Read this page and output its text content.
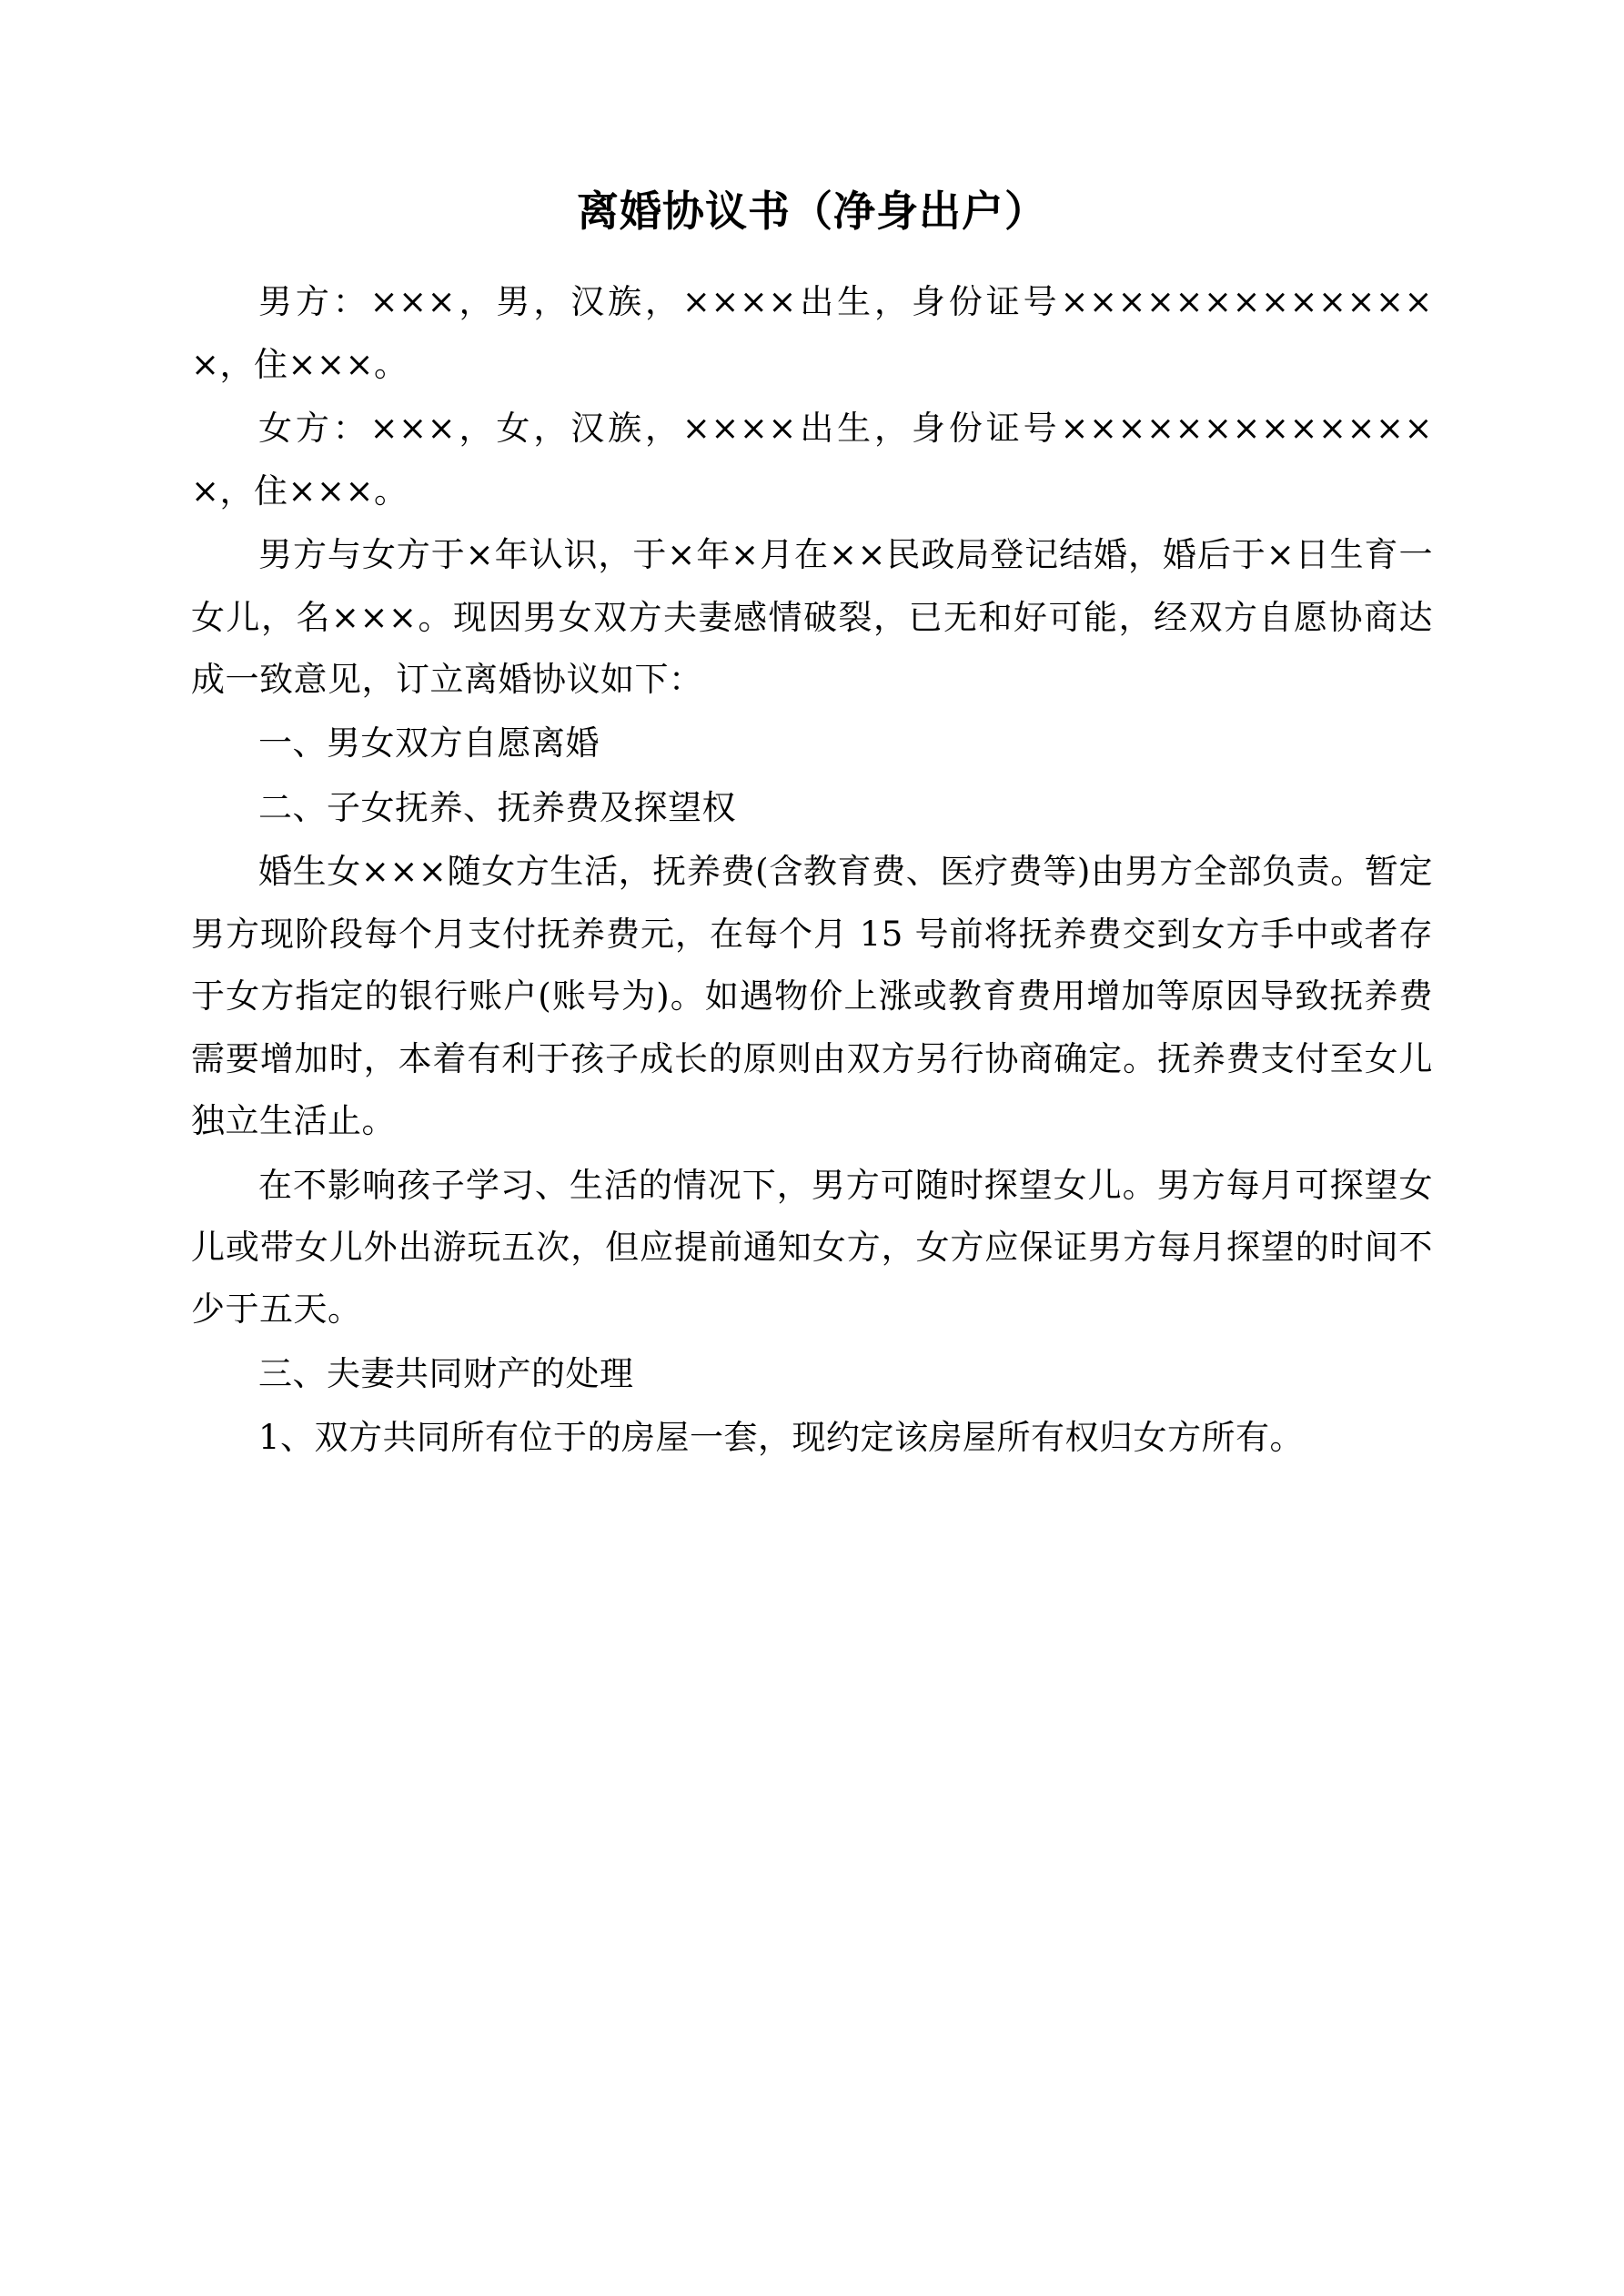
离婚协议书（净身出户）

男方：×××，男，汉族，××××出生，身份证号××××××××××××××，住×××。

女方：×××，女，汉族，××××出生，身份证号××××××××××××××，住×××。

男方与女方于×年认识，于×年×月在××民政局登记结婚，婚后于×日生育一女儿，名×××。现因男女双方夫妻感情破裂，已无和好可能，经双方自愿协商达成一致意见，订立离婚协议如下：

一、男女双方自愿离婚

二、子女抚养、抚养费及探望权

婚生女×××随女方生活，抚养费(含教育费、医疗费等)由男方全部负责。暂定男方现阶段每个月支付抚养费元，在每个月 15 号前将抚养费交到女方手中或者存于女方指定的银行账户(账号为)。如遇物价上涨或教育费用增加等原因导致抚养费需要增加时，本着有利于孩子成长的原则由双方另行协商确定。抚养费支付至女儿独立生活止。

在不影响孩子学习、生活的情况下，男方可随时探望女儿。男方每月可探望女儿或带女儿外出游玩五次，但应提前通知女方，女方应保证男方每月探望的时间不少于五天。

三、夫妻共同财产的处理

1、双方共同所有位于的房屋一套，现约定该房屋所有权归女方所有。
